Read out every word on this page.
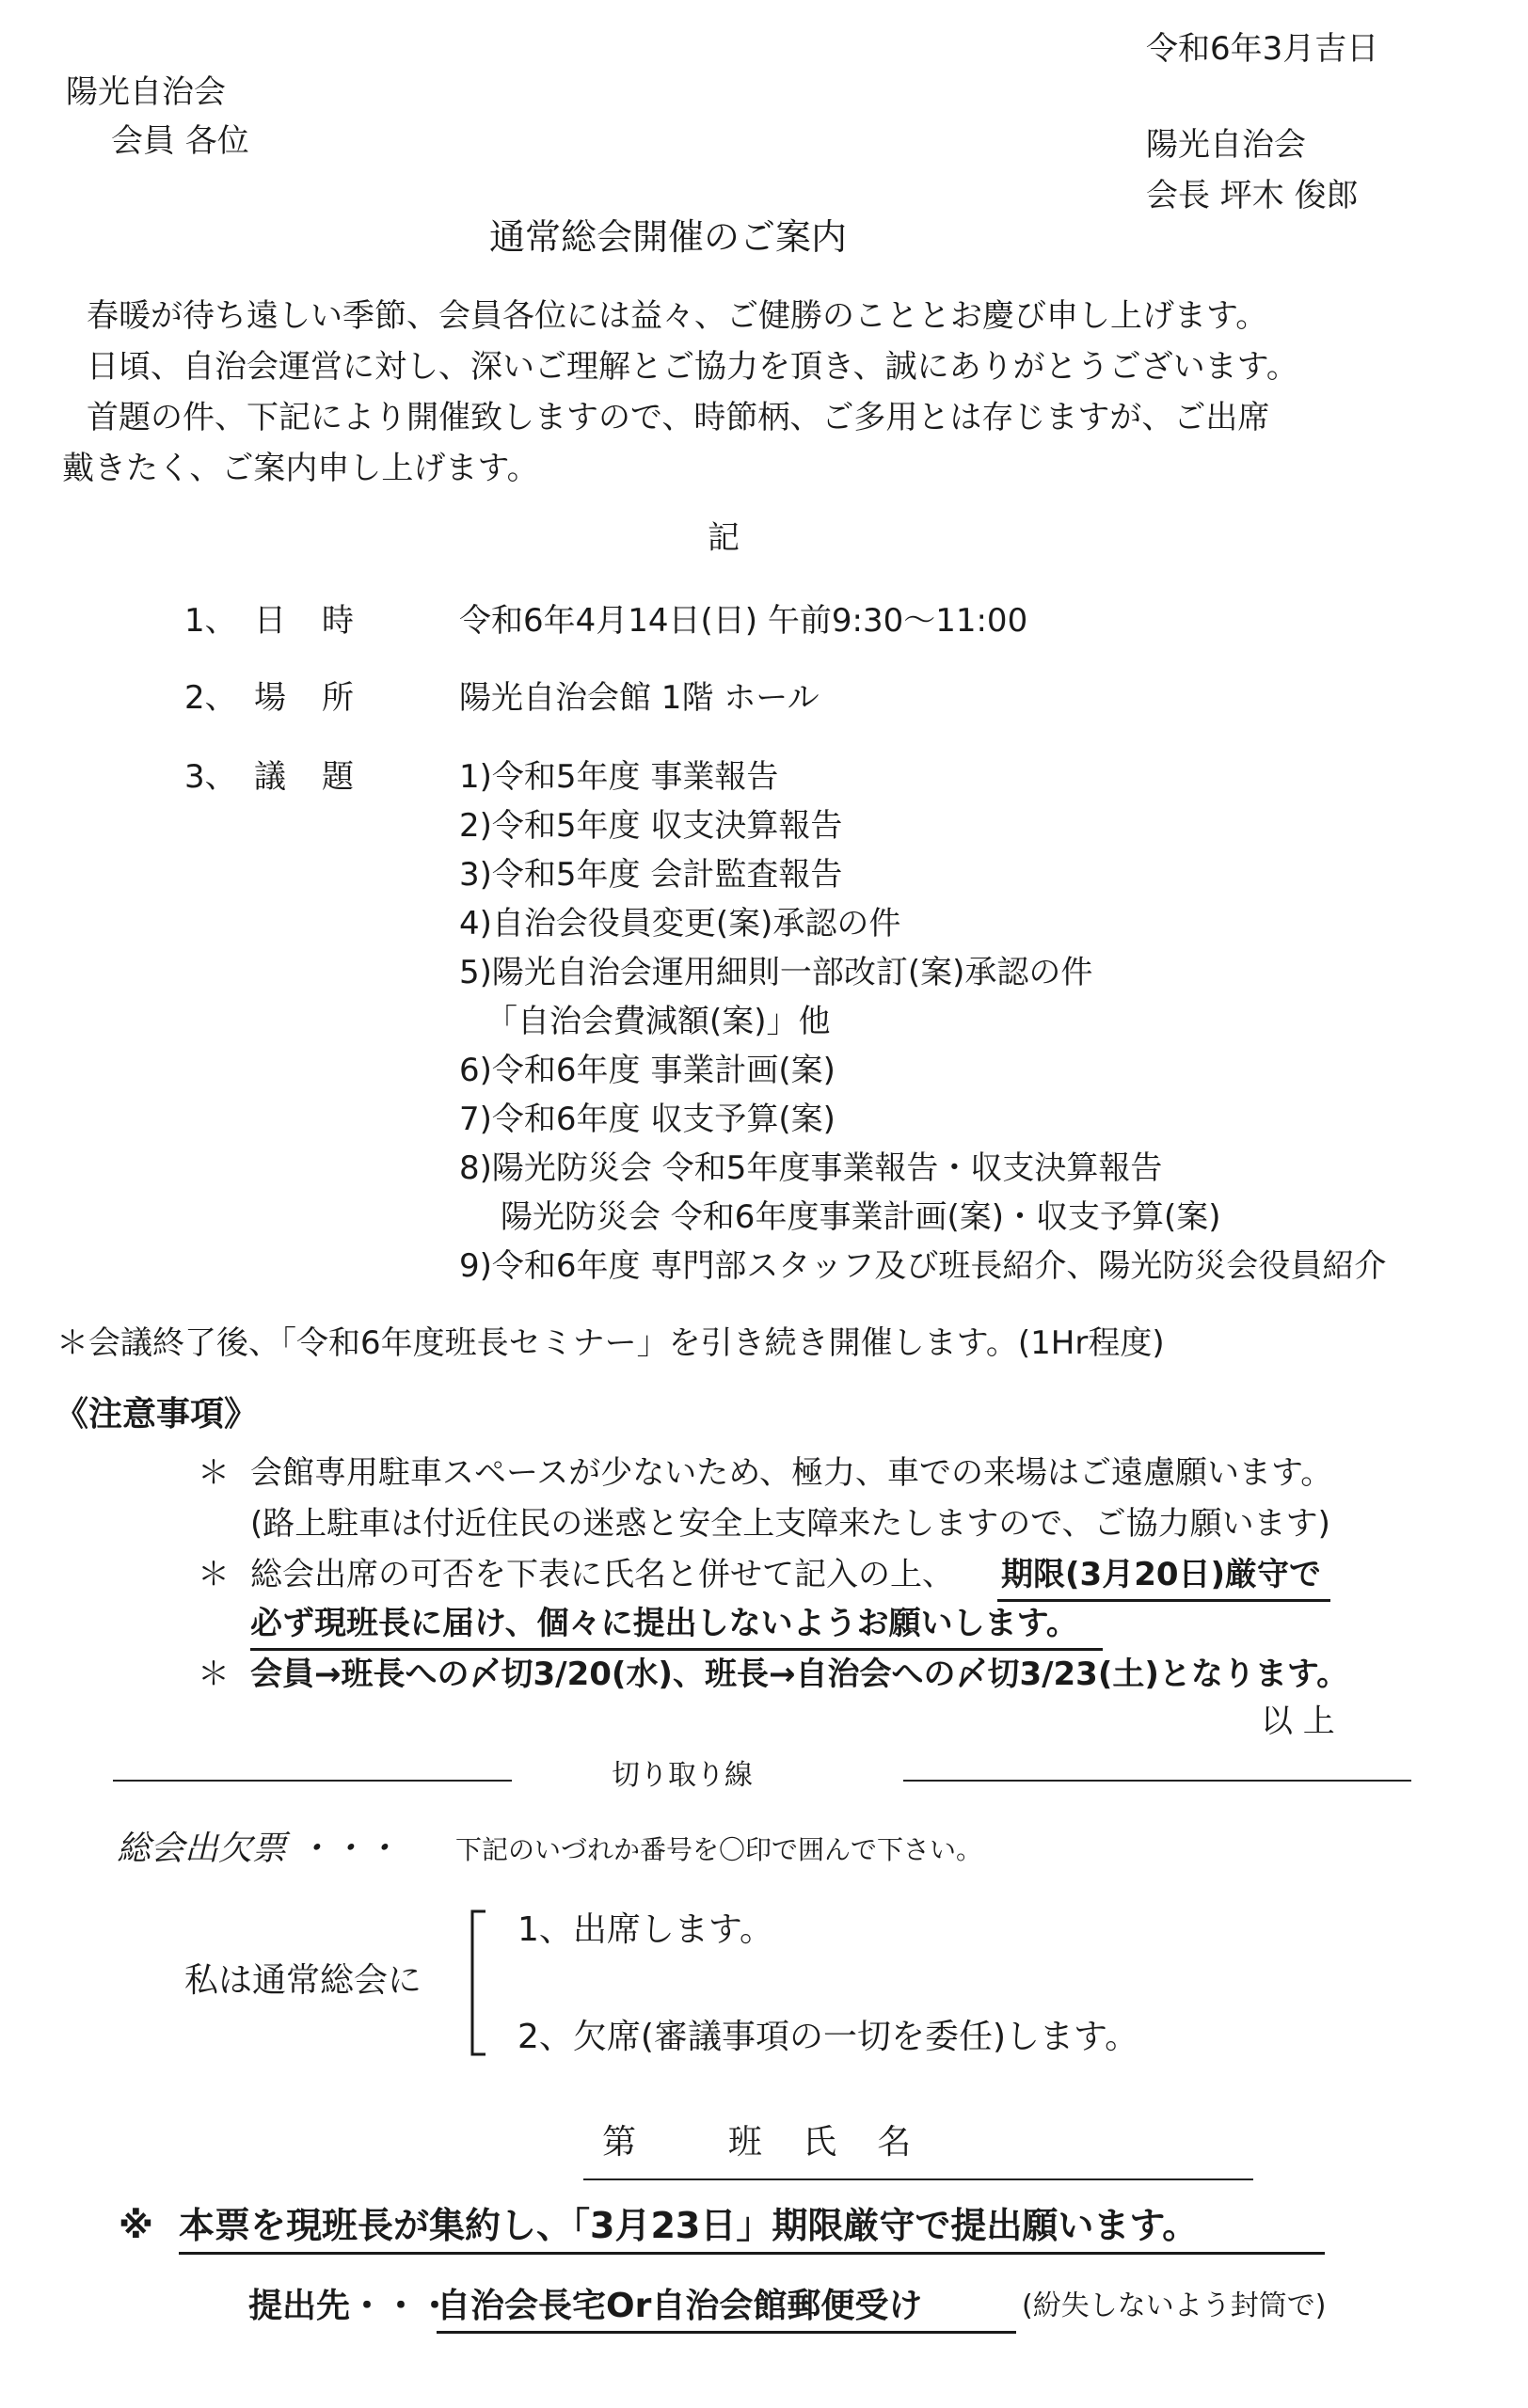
令和6年3月吉日
陽光自治会
会員 各位	陽光自治会
会長 坪木 俊郎
通常総会開催のご案内
春暖が待ち遠しい季節、会員各位には益々、ご健勝のこととお慶び申し上げます。
日頃、自治会運営に対し、深いご理解とご協力を頂き、誠にありがとうございます。
首題の件、下記により開催致しますので、時節柄、ご多用とは存じますが、ご出席
戴きたく、ご案内申し上げます。
記
1、 日 時	令和6年4月14日(日) 午前9:30～11:00
2、 場 所	陽光自治会館 1階 ホール
3、 議 題	1)令和5年度 事業報告
2)令和5年度 収支決算報告
3)令和5年度 会計監査報告
4)自治会役員変更(案)承認の件
5)陽光自治会運用細則一部改訂(案)承認の件
「自治会費減額(案)」他
6)令和6年度 事業計画(案)
7)令和6年度 収支予算(案)
8)陽光防災会 令和5年度事業報告・収支決算報告
陽光防災会 令和6年度事業計画(案)・収支予算(案)
9)令和6年度 専門部スタッフ及び班長紹介、陽光防災会役員紹介
＊会議終了後、「令和6年度班長セミナー」を引き続き開催します。(1Hr程度)
《注意事項》
＊ 会館専用駐車スペースが少ないため、極力、車での来場はご遠慮願います。
(路上駐車は付近住民の迷惑と安全上支障来たしますので、ご協力願います)
＊ 総会出席の可否を下表に氏名と併せて記入の上、 期限(3月20日)厳守で
必ず現班長に届け、個々に提出しないようお願いします。
＊ 会員→班長への〆切3/20(水)、班長→自治会への〆切3/23(土)となります。
以 上
切り取り線
総会出欠票 ・・・ 下記のいづれか番号を〇印で囲んで下さい。
私は通常総会に
1、出席します。
2、欠席(審議事項の一切を委任)します。
第 班氏名
※ 本票を現班長が集約し、「3月23日」期限厳守で提出願います。
提出先・・・
自治会長宅Or自治会館郵便受け	(紛失しないよう封筒で)
